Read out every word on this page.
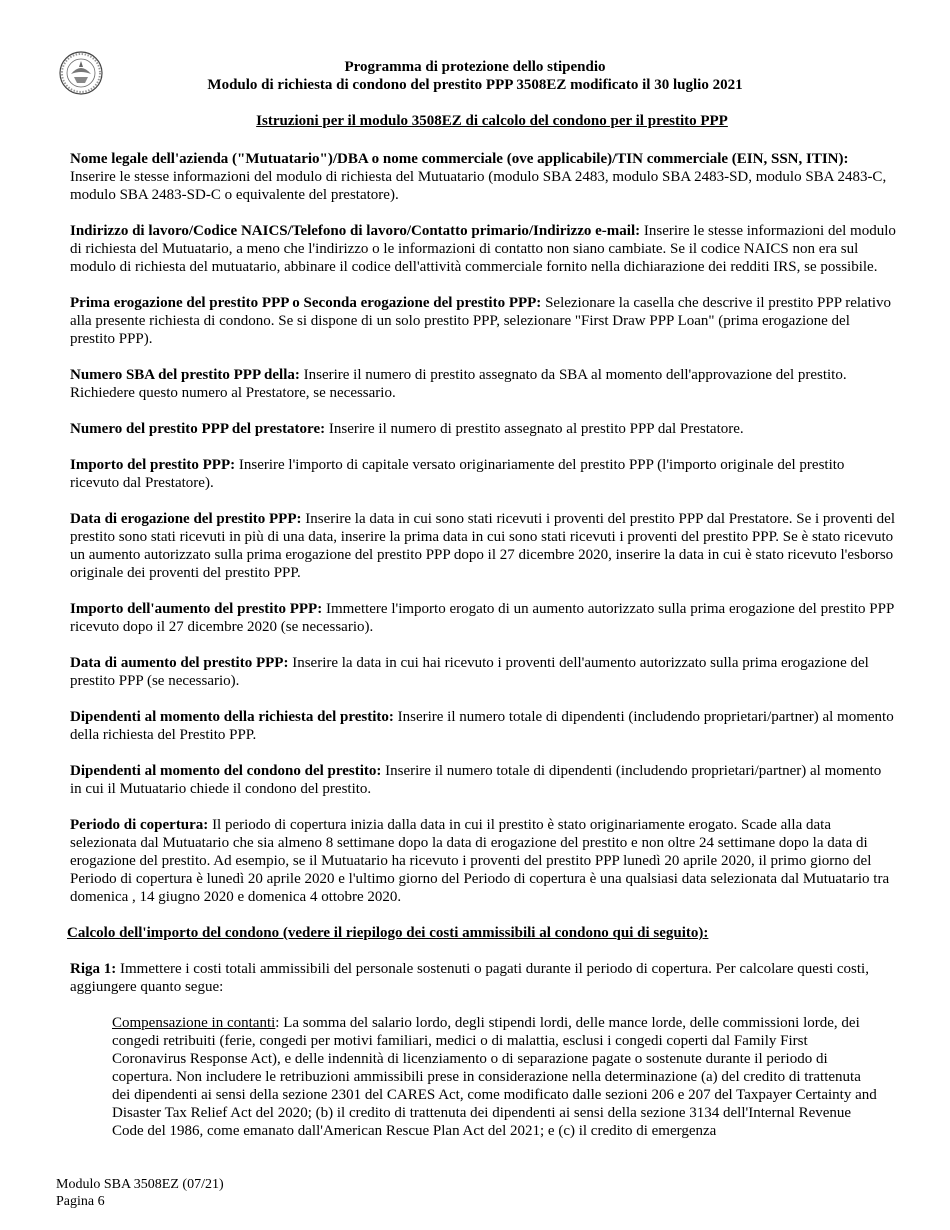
Programma di protezione dello stipendio
Modulo di richiesta di condono del prestito PPP 3508EZ modificato il 30 luglio 2021
Istruzioni per il modulo 3508EZ di calcolo del condono per il prestito PPP

Nome legale dell'azienda ("Mutuatario")/DBA o nome commerciale (ove applicabile)/TIN commerciale (EIN, SSN, ITIN): Inserire le stesse informazioni del modulo di richiesta del Mutuatario (modulo SBA 2483, modulo SBA 2483-SD, modulo SBA 2483-C, modulo SBA 2483-SD-C o equivalente del prestatore).

Indirizzo di lavoro/Codice NAICS/Telefono di lavoro/Contatto primario/Indirizzo e-mail: Inserire le stesse informazioni del modulo di richiesta del Mutuatario, a meno che l'indirizzo o le informazioni di contatto non siano cambiate. Se il codice NAICS non era sul modulo di richiesta del mutuatario, abbinare il codice dell'attività commerciale fornito nella dichiarazione dei redditi IRS, se possibile.

Prima erogazione del prestito PPP o Seconda erogazione del prestito PPP: Selezionare la casella che descrive il prestito PPP relativo alla presente richiesta di condono. Se si dispone di un solo prestito PPP, selezionare "First Draw PPP Loan" (prima erogazione del prestito PPP).

Numero SBA del prestito PPP della: Inserire il numero di prestito assegnato da SBA al momento dell'approvazione del prestito. Richiedere questo numero al Prestatore, se necessario.

Numero del prestito PPP del prestatore: Inserire il numero di prestito assegnato al prestito PPP dal Prestatore.

Importo del prestito PPP: Inserire l'importo di capitale versato originariamente del prestito PPP (l'importo originale del prestito ricevuto dal Prestatore).

Data di erogazione del prestito PPP: Inserire la data in cui sono stati ricevuti i proventi del prestito PPP dal Prestatore. Se i proventi del prestito sono stati ricevuti in più di una data, inserire la prima data in cui sono stati ricevuti i proventi del prestito PPP. Se è stato ricevuto un aumento autorizzato sulla prima erogazione del prestito PPP dopo il 27 dicembre 2020, inserire la data in cui è stato ricevuto l'esborso originale dei proventi del prestito PPP.

Importo dell'aumento del prestito PPP: Immettere l'importo erogato di un aumento autorizzato sulla prima erogazione del prestito PPP ricevuto dopo il 27 dicembre 2020 (se necessario).

Data di aumento del prestito PPP: Inserire la data in cui hai ricevuto i proventi dell'aumento autorizzato sulla prima erogazione del prestito PPP (se necessario).

Dipendenti al momento della richiesta del prestito: Inserire il numero totale di dipendenti (includendo proprietari/partner) al momento della richiesta del Prestito PPP.

Dipendenti al momento del condono del prestito: Inserire il numero totale di dipendenti (includendo proprietari/partner) al momento in cui il Mutuatario chiede il condono del prestito.

Periodo di copertura: Il periodo di copertura inizia dalla data in cui il prestito è stato originariamente erogato. Scade alla data selezionata dal Mutuatario che sia almeno 8 settimane dopo la data di erogazione del prestito e non oltre 24 settimane dopo la data di erogazione del prestito. Ad esempio, se il Mutuatario ha ricevuto i proventi del prestito PPP lunedì 20 aprile 2020, il primo giorno del Periodo di copertura è lunedì 20 aprile 2020 e l'ultimo giorno del Periodo di copertura è una qualsiasi data selezionata dal Mutuatario tra domenica , 14 giugno 2020 e domenica 4 ottobre 2020.

Calcolo dell'importo del condono (vedere il riepilogo dei costi ammissibili al condono qui di seguito):

Riga 1: Immettere i costi totali ammissibili del personale sostenuti o pagati durante il periodo di copertura. Per calcolare questi costi, aggiungere quanto segue:

Compensazione in contanti: La somma del salario lordo, degli stipendi lordi, delle mance lorde, delle commissioni lorde, dei congedi retribuiti (ferie, congedi per motivi familiari, medici o di malattia, esclusi i congedi coperti dal Family First Coronavirus Response Act), e delle indennità di licenziamento o di separazione pagate o sostenute durante il periodo di copertura. Non includere le retribuzioni ammissibili prese in considerazione nella determinazione (a) del credito di trattenuta dei dipendenti ai sensi della sezione 2301 del CARES Act, come modificato dalle sezioni 206 e 207 del Taxpayer Certainty and Disaster Tax Relief Act del 2020; (b) il credito di trattenuta dei dipendenti ai sensi della sezione 3134 dell'Internal Revenue Code del 1986, come emanato dall'American Rescue Plan Act del 2021; e (c) il credito di emergenza

Modulo SBA 3508EZ (07/21)
Pagina 6
